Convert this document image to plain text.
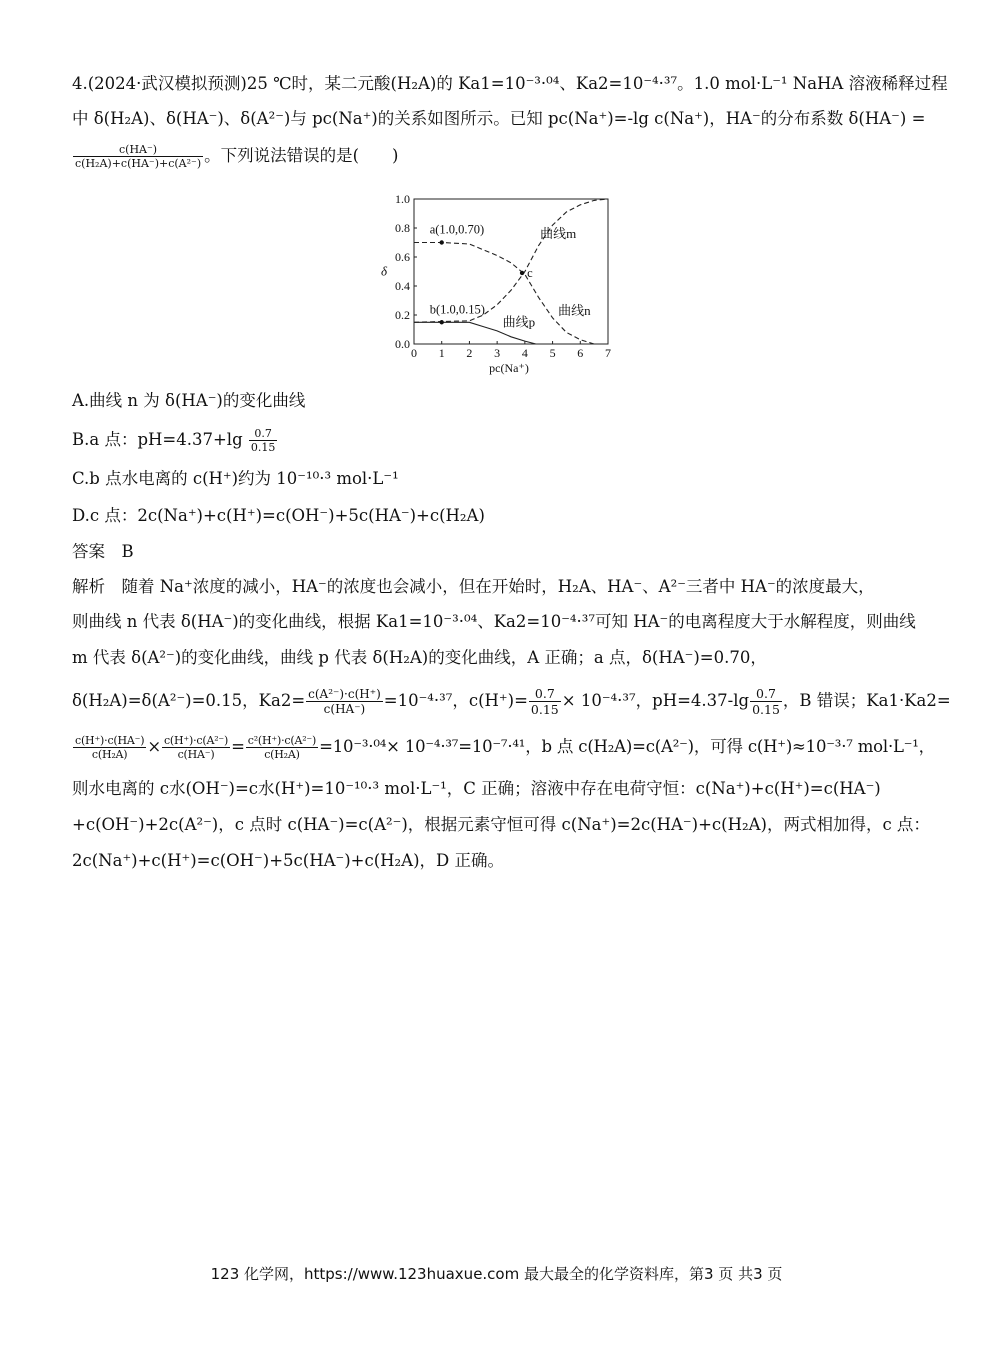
4.(2024·武汉模拟预测)25 ℃时，某二元酸(H₂A)的 Ka1=10⁻³·⁰⁴、Ka2=10⁻⁴·³⁷。1.0 mol·L⁻¹ NaHA 溶液稀释过程
中 δ(H₂A)、δ(HA⁻)、δ(A²⁻)与 pc(Na⁺)的关系如图所示。已知 pc(Na⁺)=-lg c(Na⁺)，HA⁻的分布系数 δ(HA⁻) =
$\frac{c(HA^-)}{\text{c(H₂A)+c(HA⁻)+c(A²⁻)}}$ 。下列说法错误的是(　　)
0 1 2 3 4 5 6 7
0.0
0.2
0.4
0.6
0.8
1.0
δ
pc(Na⁺)
曲线m
曲线n
曲线p
a(1.0,0.70)
b(1.0,0.15)
c
A.曲线 n 为 δ(HA⁻)的变化曲线
B.a 点：$pH=4.37+\lg \frac{0.7}{0.15}$
C.b 点水电离的 c(H⁺)约为 10⁻¹⁰·³ mol·L⁻¹
D.c 点：2c(Na⁺)+c(H⁺)=c(OH⁻)+5c(HA⁻)+c(H₂A)
答案　B
解析　随着 Na⁺浓度的减小，HA⁻的浓度也会减小，但在开始时，H₂A、HA⁻、A²⁻三者中 HA⁻的浓度最大，
则曲线 n 代表 δ(HA⁻)的变化曲线，根据 Ka1=10⁻³·⁰⁴、Ka2=10⁻⁴·³⁷可知 HA⁻的电离程度大于水解程度，则曲线
m 代表 δ(A²⁻)的变化曲线，曲线 p 代表 δ(H₂A)的变化曲线，A 正确；a 点，δ(HA⁻)=0.70，
δ(H₂A)=δ(A²⁻)=0.15，$Ka2= \frac{\text{c(A²⁻)·c(H⁺)}}{c(HA^-)} =10^{-4}\cdot^{37}$，$c(H^+)= \frac{0.7}{0.15} \times 10^{-4}\cdot^{37}$，$pH=4.37-\lg \frac{0.7}{0.15}$ ，B 错误；Ka1·Ka2=
$\frac{c(H^+)\cdot c(HA^-)}{\text{c(H₂A)}} \times \frac{\text{c(H⁺)·c(A²⁻)}}{c(HA^-)} = \frac{\text{c²(H⁺)·c(A²⁻)}}{\text{c(H₂A)}} =10^{-3}\cdot^{04}\times 10^{-4}\cdot^{37}=10^{-7}\cdot^{41}$，b 点 c(H₂A)=c(A²⁻)，可得 c(H⁺)≈10⁻³·⁷ mol·L⁻¹，
则水电离的 c水(OH⁻)=c水(H⁺)=10⁻¹⁰·³ mol·L⁻¹，C 正确；溶液中存在电荷守恒：c(Na⁺)+c(H⁺)=c(HA⁻)
+c(OH⁻)+2c(A²⁻)，c 点时 c(HA⁻)=c(A²⁻)，根据元素守恒可得 c(Na⁺)=2c(HA⁻)+c(H₂A)，两式相加得，c 点：
2c(Na⁺)+c(H⁺)=c(OH⁻)+5c(HA⁻)+c(H₂A)，D 正确。
123 化学网，https://www.123huaxue.com 最大最全的化学资料库，第3 页 共3 页
